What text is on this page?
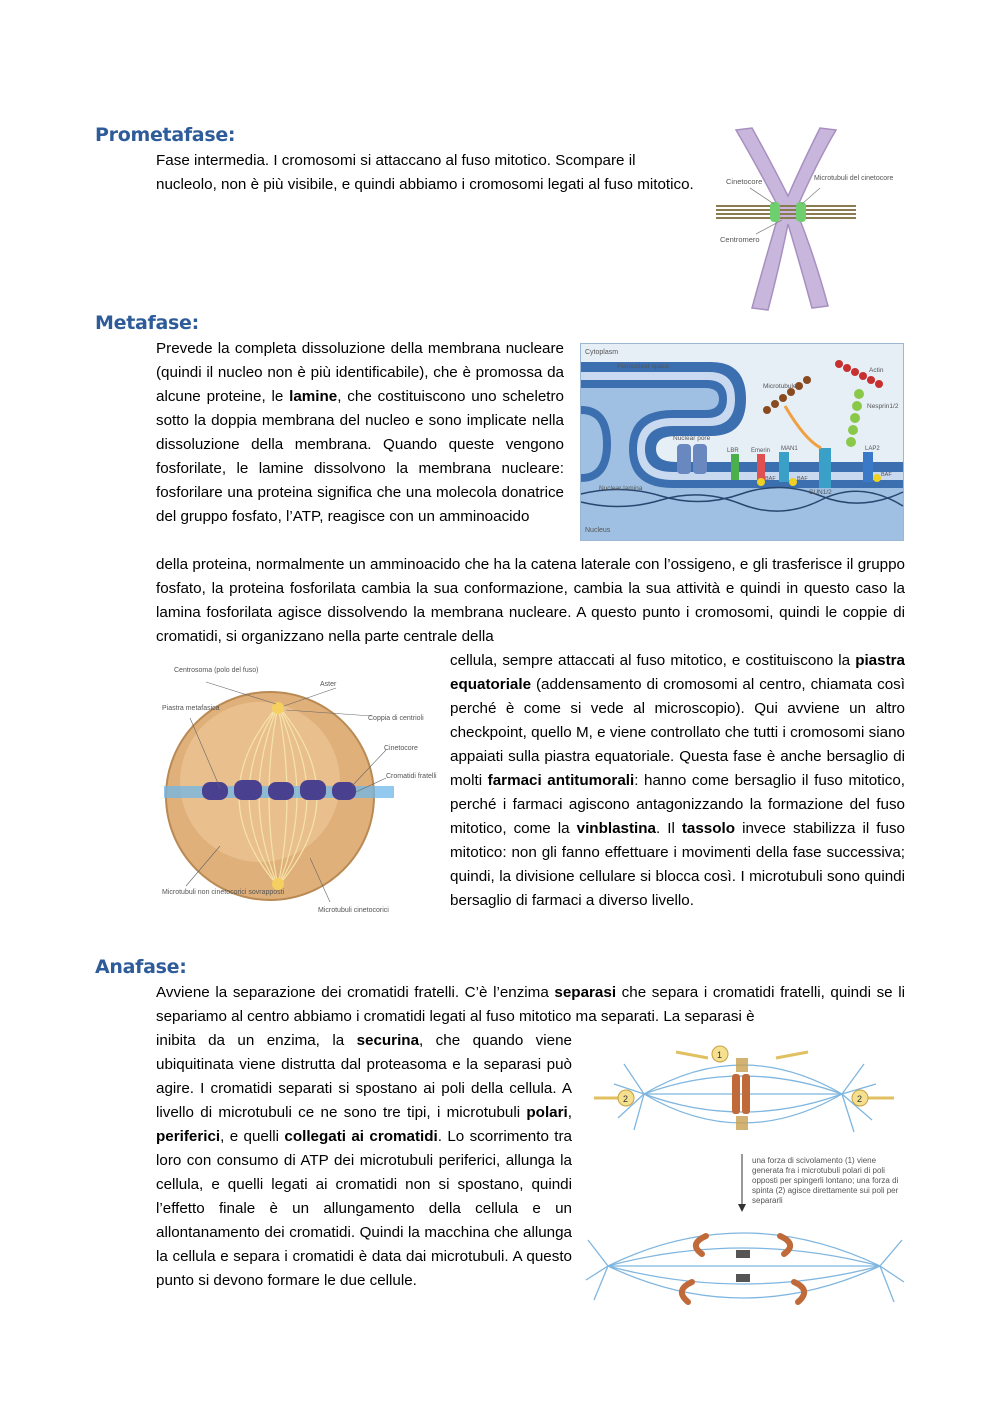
Prometafase:

Fase intermedia. I cromosomi si attaccano al fuso mitotico. Scompare il nucleolo, non è più visibile, e quindi abbiamo i cromosomi legati al fuso mitotico.	Cinetocore	Microtubuli del cinetocore
Centromero
Metafase:

Prevede la completa dissoluzione della membrana nucleare (quindi il nucleo non è più identificabile), che è promossa da alcune proteine, le lamine, che costituiscono uno scheletro sotto la doppia membrana del nucleo e sono implicate nella dissoluzione della membrana. Quando queste vengono fosforilate, le lamine dissolvono la membrana nucleare: fosforilare una proteina significa che una molecola donatrice del gruppo fosfato, l’ATP, reagisce con un amminoacido

Cytoplasm
Perinuclear space
Microtubule
Actin
Nesprin1/2
Nuclear pore
LBR Emerin MAN1	LAP2
BAF	BAF
BAF
SUN1/2
Nuclear lamina
Nucleus

della proteina, normalmente un amminoacido che ha la catena laterale con l’ossigeno, e gli trasferisce il gruppo fosfato, la proteina fosforilata cambia la sua conformazione, cambia la sua attività e quindi in questo caso la lamina fosforilata agisce dissolvendo la membrana nucleare. A questo punto i cromosomi, quindi le coppie di cromatidi, si organizzano nella parte centrale della

Centrosoma (polo del fuso)
Aster
Piastra metafasica
Coppia di centrioli
Cinetocore
Cromatidi fratelli
Microtubuli non cinetocorici sovrapposti
Microtubuli cinetocorici

cellula, sempre attaccati al fuso mitotico, e costituiscono la piastra equatoriale (addensamento di cromosomi al centro, chiamata così perché è come si vede al microscopio). Qui avviene un altro checkpoint, quello M, e viene controllato che tutti i cromosomi siano appaiati sulla piastra equatoriale. Questa fase è anche bersaglio di molti farmaci antitumorali: hanno come bersaglio il fuso mitotico, perché i farmaci agiscono antagonizzando la formazione del fuso mitotico, come la vinblastina. Il tassolo invece stabilizza il fuso mitotico: non gli fanno effettuare i movimenti della fase successiva; quindi, la divisione cellulare si blocca così. I microtubuli sono quindi bersaglio di farmaci a diverso livello.

Anafase:

Avviene la separazione dei cromatidi fratelli. C’è l’enzima separasi che separa i cromatidi fratelli, quindi se li separiamo al centro abbiamo i cromatidi legati al fuso mitotico ma separati. La separasi è

inibita da un enzima, la securina, che quando viene ubiquitinata viene distrutta dal proteasoma e la separasi può agire. I cromatidi separati si spostano ai poli della cellula. A livello di microtubuli ce ne sono tre tipi, i microtubuli polari, periferici, e quelli collegati ai cromatidi. Lo scorrimento tra loro con consumo di ATP dei microtubuli periferici, allunga la cellula, e quelli legati ai cromatidi non si spostano, quindi l’effetto finale è un allungamento della cellula e un allontanamento dei cromatidi. Quindi la macchina che allunga la cellula e separa i cromatidi è data dai microtubuli. A questo punto si devono formare le due cellule.

1
2	2
una forza di scivolamento (1) viene generata fra i microtubuli polari di poli opposti per spingerli lontano; una forza di spinta (2) agisce direttamente sui poli per separarli
